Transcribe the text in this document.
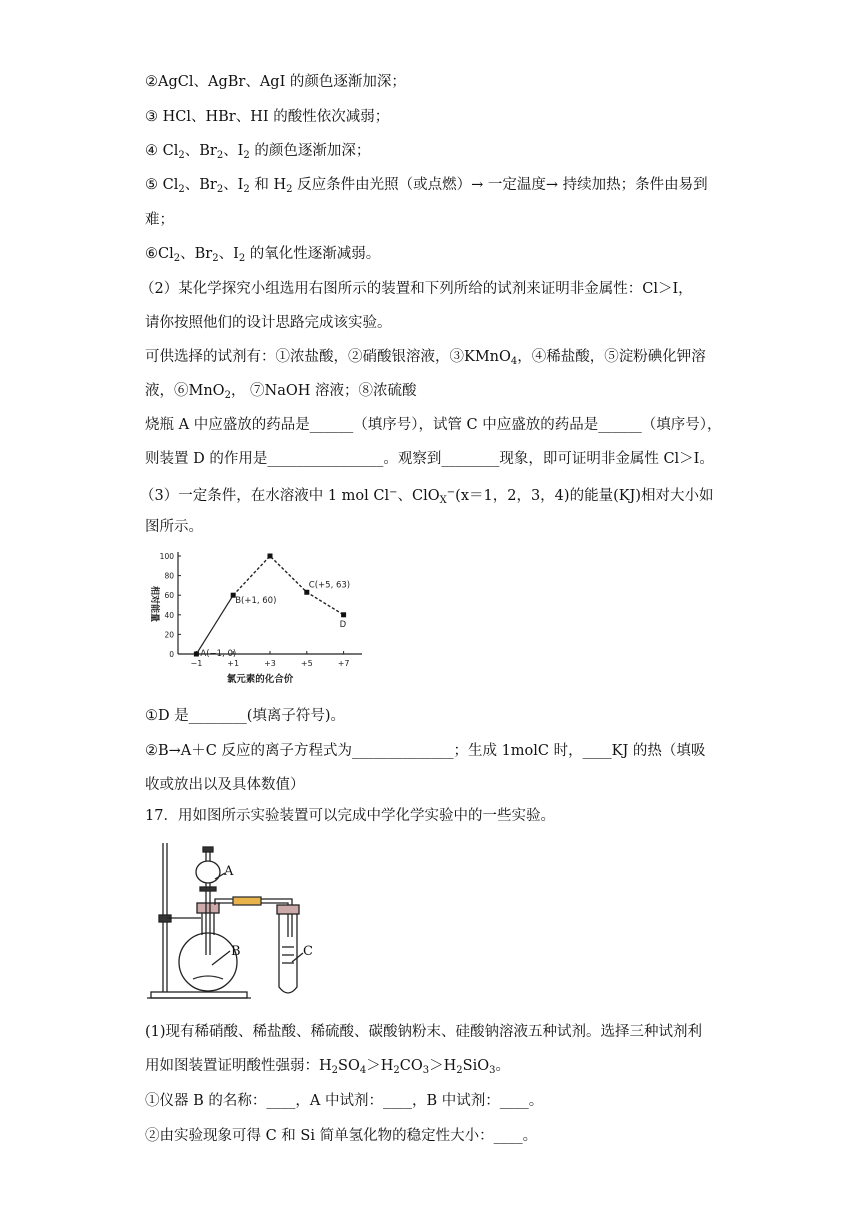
②AgCl、AgBr、AgI 的颜色逐渐加深；
③ HCl、HBr、HI 的酸性依次减弱；
④ $Cl_2$、$Br_2$、$I_2$ 的颜色逐渐加深；
⑤ $Cl_2$、$Br_2$、$I_2$ 和 $H_2$ 反应条件由光照（或点燃）→ 一定温度→ 持续加热；条件由易到
难；
$⑥Cl_2$、$Br_2$、$I_2$ 的氧化性逐渐减弱。
（2）某化学探究小组选用右图所示的装置和下列所给的试剂来证明非金属性：Cl＞I，
请你按照他们的设计思路完成该实验。
可供选择的试剂有：①浓盐酸，②硝酸银溶液，③KMnO$_4$，④稀盐酸，⑤淀粉碘化钾溶
液，⑥MnO$_2$， ⑦NaOH 溶液；⑧浓硫酸
烧瓶 A 中应盛放的药品是______（填序号），试管 C 中应盛放的药品是______（填序号），
则装置 D 的作用是________________。观察到________现象，即可证明非金属性 Cl＞I。
（3）一定条件，在水溶液中 1 mol Cl−、ClO$_X$−(x＝1，2，3，4)的能量(KJ)相对大小如
图所示。
0
20
40
60
80
100
−1	+1	+3	+5	+7
相对能量
氯元素的化合价
A(−1, 0)
B(+1, 60)
C(+5, 63)
D
①D 是________(填离子符号)。
②B→A＋C 反应的离子方程式为______________；生成 1molC 时，____KJ 的热（填吸
收或放出以及具体数值）
17．用如图所示实验装置可以完成中学化学实验中的一些实验。
A
B	C
(1)现有稀硝酸、稀盐酸、稀硫酸、碳酸钠粉末、硅酸钠溶液五种试剂。选择三种试剂利
用如图装置证明酸性强弱：$H_2SO_4>H_2CO_3>H_2SiO_3$。
①仪器 B 的名称：____，A 中试剂：____，B 中试剂：____。
②由实验现象可得 C 和 Si 简单氢化物的稳定性大小：____。
